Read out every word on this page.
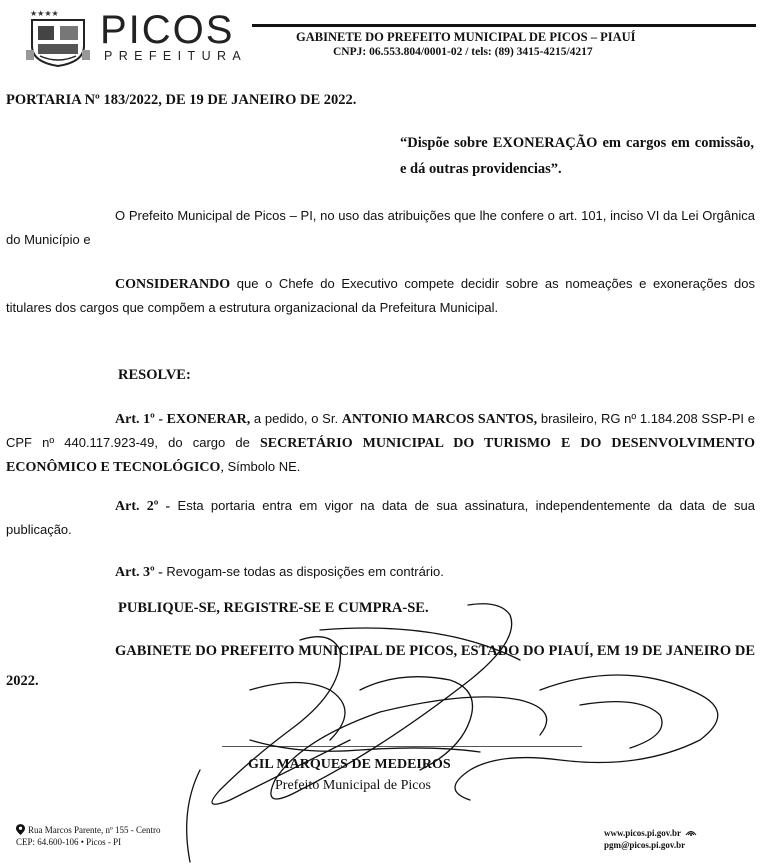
★★★★ PICOS
PREFEITURA
GABINETE DO PREFEITO MUNICIPAL DE PICOS – PIAUÍ
CNPJ: 06.553.804/0001-02 / tels: (89) 3415-4215/4217
PORTARIA Nº 183/2022, DE 19 DE JANEIRO DE 2022.
“Dispõe sobre EXONERAÇÃO em cargos em comissão, e dá outras providencias”.
O Prefeito Municipal de Picos – PI, no uso das atribuições que lhe confere o art. 101, inciso VI da Lei Orgânica do Município e
CONSIDERANDO que o Chefe do Executivo compete decidir sobre as nomeações e exonerações dos titulares dos cargos que compõem a estrutura organizacional da Prefeitura Municipal.
RESOLVE:
Art. 1º - EXONERAR, a pedido, o Sr. ANTONIO MARCOS SANTOS, brasileiro, RG nº 1.184.208 SSP-PI e CPF nº 440.117.923-49, do cargo de SECRETÁRIO MUNICIPAL DO TURISMO E DO DESENVOLVIMENTO ECONÔMICO E TECNOLÓGICO, Símbolo NE.
Art. 2º - Esta portaria entra em vigor na data de sua assinatura, independentemente da data de sua publicação.
Art. 3º - Revogam-se todas as disposições em contrário.
PUBLIQUE-SE, REGISTRE-SE E CUMPRA-SE.
GABINETE DO PREFEITO MUNICIPAL DE PICOS, ESTADO DO PIAUÍ, EM 19 DE JANEIRO DE 2022.
GIL MARQUES DE MEDEIROS
Prefeito Municipal de Picos
Rua Marcos Parente, nº 155 - Centro
CEP: 64.600-106 • Picos - PI
www.picos.pi.gov.br
pgm@picos.pi.gov.br
